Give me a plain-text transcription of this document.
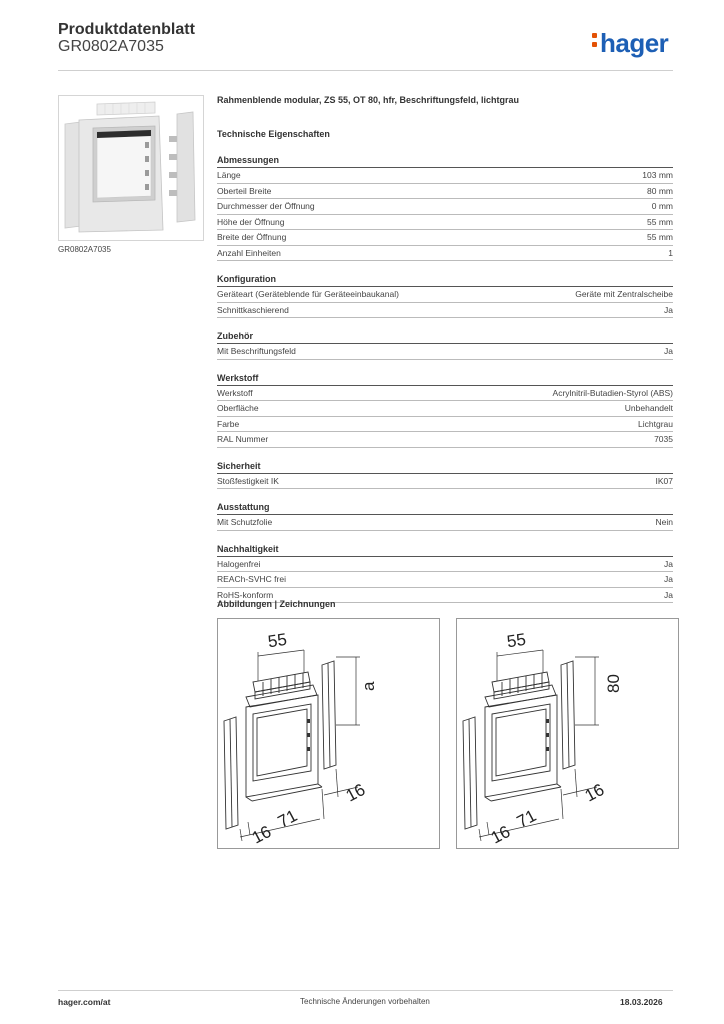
Produktdatenblatt
GR0802A7035	hager
GR0802A7035
Rahmenblende modular, ZS 55, OT 80, hfr, Beschriftungsfeld, lichtgrau
Technische Eigenschaften
Abmessungen
Länge	103 mm
Oberteil Breite	80 mm
Durchmesser der Öffnung	0 mm
Höhe der Öffnung	55 mm
Breite der Öffnung	55 mm
Anzahl Einheiten	1
Konfiguration
Geräteart (Geräteblende für Geräteeinbaukanal)	Geräte mit Zentralscheibe
Schnittkaschierend	Ja
Zubehör
Mit Beschriftungsfeld	Ja
Werkstoff
Werkstoff	Acrylnitril-Butadien-Styrol (ABS)
Oberfläche	Unbehandelt
Farbe	Lichtgrau
RAL Nummer	7035
Sicherheit
Stoßfestigkeit IK	IK07
Ausstattung
Mit Schutzfolie	Nein
Nachhaltigkeit
Halogenfrei	Ja
REACh-SVHC frei	Ja
RoHS-konform	Ja
Abbildungen | Zeichnungen
55
a
71
16
16
55
80
71
16
16
hager.com/at	Technische Änderungen vorbehalten	18.03.2026
